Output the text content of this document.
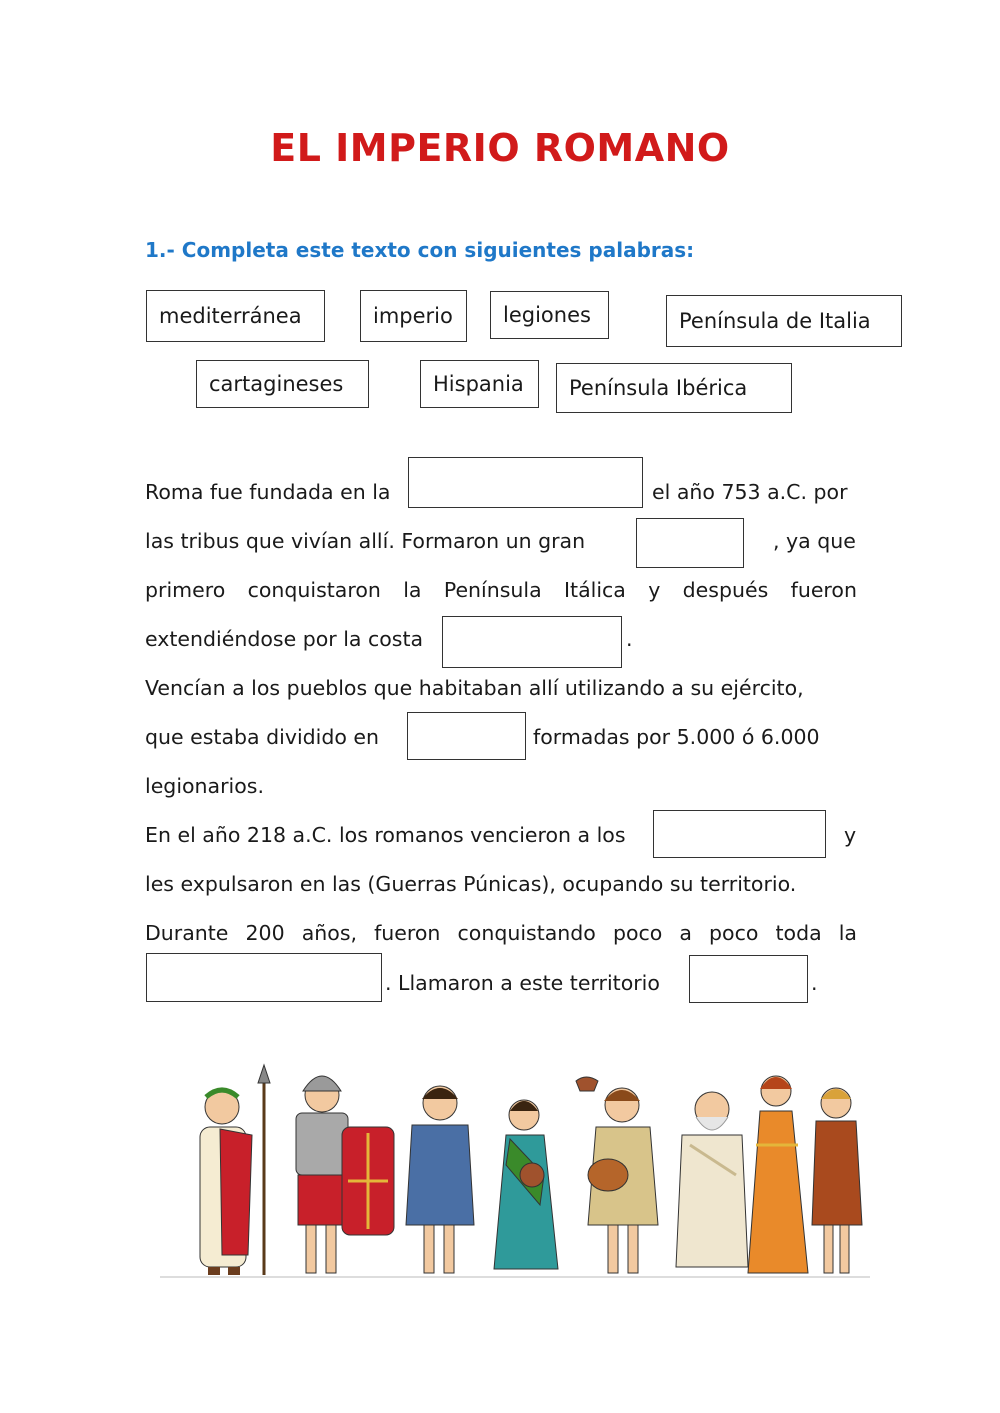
EL IMPERIO ROMANO
1.- Completa este texto con siguientes palabras:
mediterránea	imperio legiones	Península de Italia
cartagineses	Hispania Península Ibérica
Roma fue fundada en la	el año 753 a.C. por
las tribus que vivían allí. Formaron un gran	, ya que
primero conquistaron la Península Itálica y después fueron
extendiéndose por la costa	.
Vencían a los pueblos que habitaban allí utilizando a su ejército,
que estaba dividido en	formadas por 5.000 ó 6.000
legionarios.
En el año 218 a.C. los romanos vencieron a los	y
les expulsaron en las (Guerras Púnicas), ocupando su territorio.
Durante 200 años, fueron conquistando poco a poco toda la
. Llamaron a este territorio	.
